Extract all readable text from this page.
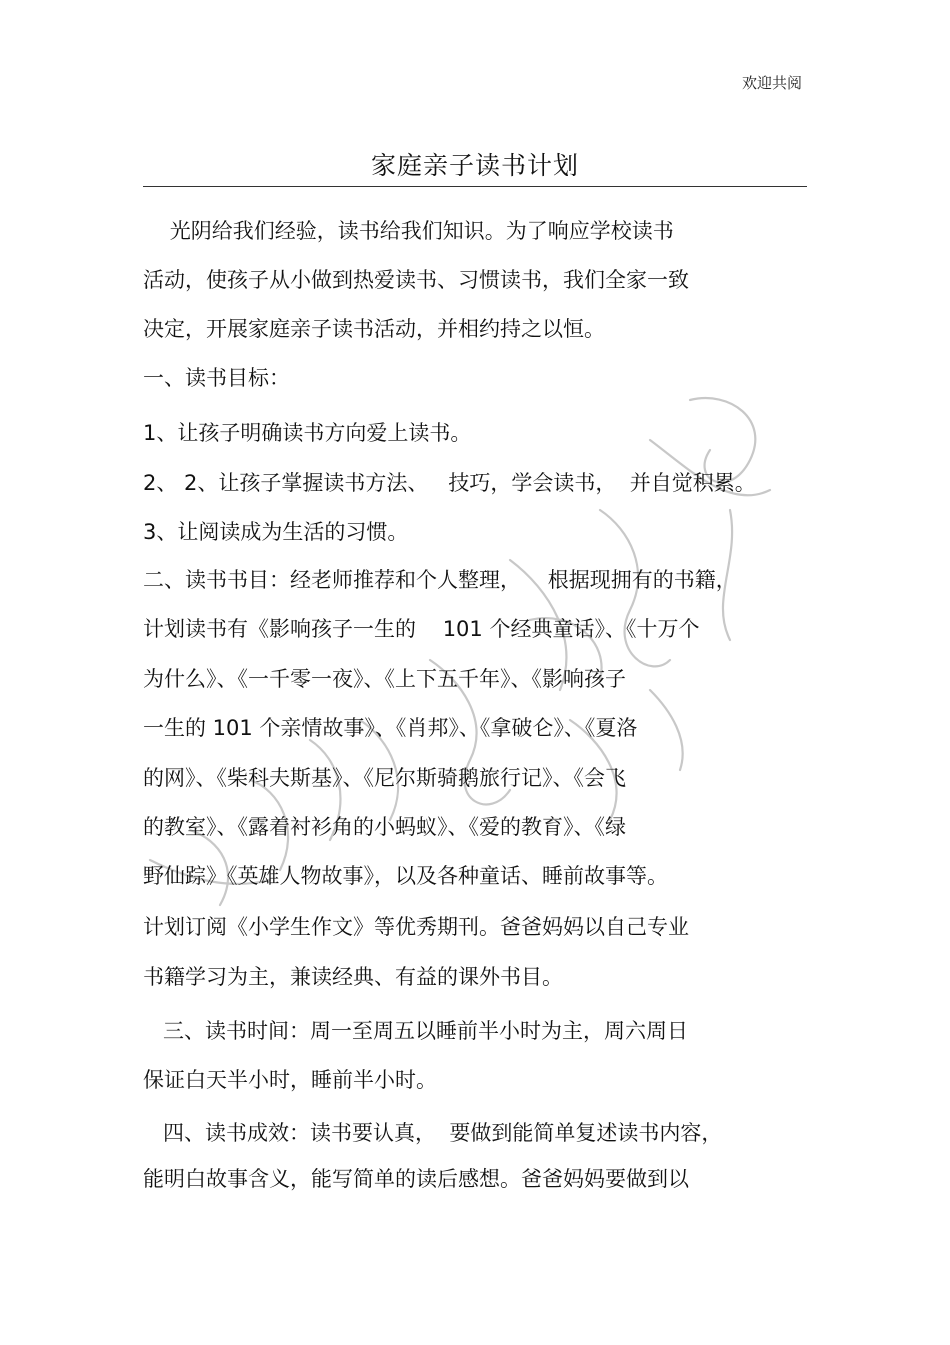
欢迎共阅
家庭亲子读书计划
光阴给我们经验，读书给我们知识。为了响应学校读书
活动，使孩子从小做到热爱读书、习惯读书，我们全家一致
决定，开展家庭亲子读书活动，并相约持之以恒。
一、读书目标：
1、让孩子明确读书方向爱上读书。
2、 2、让孩子掌握读书方法、   技巧，学会读书，  并自觉积累。
3、让阅读成为生活的习惯。
二、读书书目：经老师推荐和个人整理，    根据现拥有的书籍，
计划读书有《影响孩子一生的    101 个经典童话》、《十万个
为什么》、《一千零一夜》、《上下五千年》、《影响孩子
一生的 101 个亲情故事》、《肖邦》、《拿破仑》、《夏洛
的网》、《柴科夫斯基》、《尼尔斯骑鹅旅行记》、《会飞
的教室》、《露着衬衫角的小蚂蚁》、《爱的教育》、《绿
野仙踪》《英雄人物故事》，以及各种童话、睡前故事等。
计划订阅《小学生作文》等优秀期刊。爸爸妈妈以自己专业
书籍学习为主，兼读经典、有益的课外书目。
三、读书时间：周一至周五以睡前半小时为主，周六周日
保证白天半小时，睡前半小时。
四、读书成效：读书要认真，  要做到能简单复述读书内容，
能明白故事含义，能写简单的读后感想。爸爸妈妈要做到以
